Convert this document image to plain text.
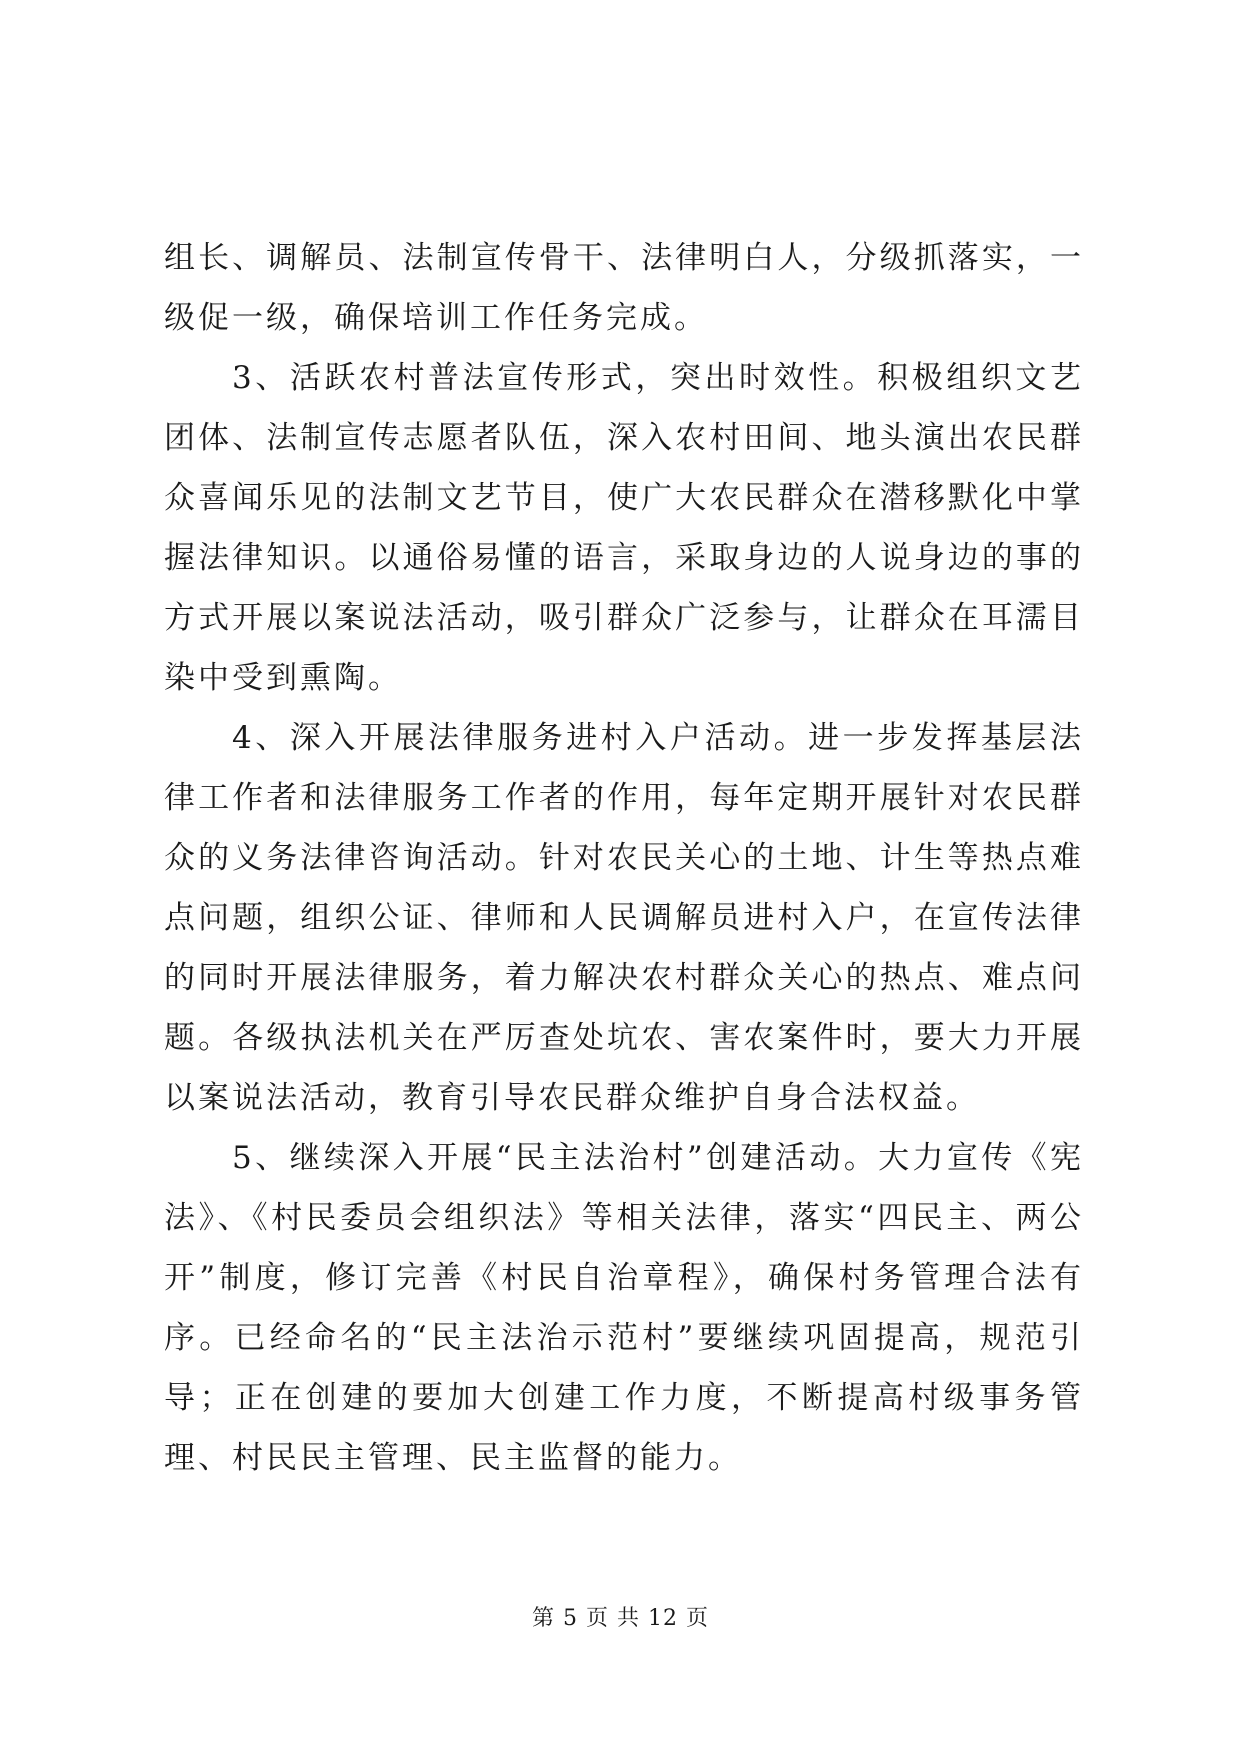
组长、调解员、法制宣传骨干、法律明白人，分级抓落实，一级促一级，确保培训工作任务完成。

3、活跃农村普法宣传形式，突出时效性。积极组织文艺团体、法制宣传志愿者队伍，深入农村田间、地头演出农民群众喜闻乐见的法制文艺节目，使广大农民群众在潜移默化中掌握法律知识。以通俗易懂的语言，采取身边的人说身边的事的方式开展以案说法活动，吸引群众广泛参与，让群众在耳濡目染中受到熏陶。

4、深入开展法律服务进村入户活动。进一步发挥基层法律工作者和法律服务工作者的作用，每年定期开展针对农民群众的义务法律咨询活动。针对农民关心的土地、计生等热点难点问题，组织公证、律师和人民调解员进村入户，在宣传法律的同时开展法律服务，着力解决农村群众关心的热点、难点问题。各级执法机关在严厉查处坑农、害农案件时，要大力开展以案说法活动，教育引导农民群众维护自身合法权益。

5、继续深入开展“民主法治村”创建活动。大力宣传《宪法》、《村民委员会组织法》等相关法律，落实“四民主、两公开”制度，修订完善《村民自治章程》，确保村务管理合法有序。已经命名的“民主法治示范村”要继续巩固提高，规范引导；正在创建的要加大创建工作力度，不断提高村级事务管理、村民民主管理、民主监督的能力。

第 5 页 共 12 页
